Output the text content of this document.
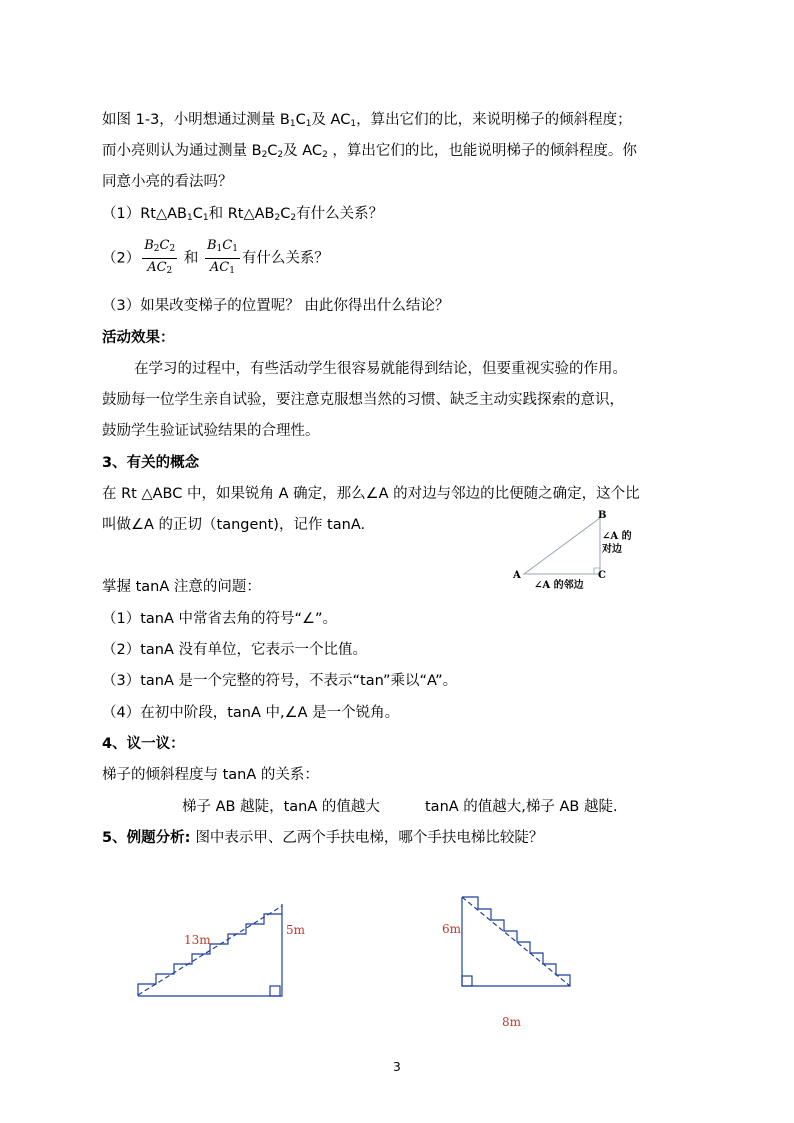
如图 1-3，小明想通过测量 $B_1C_1$及 $AC_1$，算出它们的比，来说明梯子的倾斜程度；
而小亮则认为通过测量 $B_2C_2$及 $AC_2$ ，算出它们的比，也能说明梯子的倾斜程度。你
同意小亮的看法吗？
$(1)Rt\triangle AB_1C_1$和 $Rt\triangle AB_2C_2$有什么关系？
$(2) \frac{B_2C_2}{AC_2}$ 和 $\frac{B_1C_1}{AC_1}$ 有什么关系？
（3）如果改变梯子的位置呢？ 由此你得出什么结论？
活动效果：
在学习的过程中，有些活动学生很容易就能得到结论，但要重视实验的作用。
鼓励每一位学生亲自试验，要注意克服想当然的习惯、缺乏主动实践探索的意识，
鼓励学生验证试验结果的合理性。
3、有关的概念
在 Rt △ABC 中，如果锐角 A 确定，那么∠A 的对边与邻边的比便随之确定，这个比
叫做∠A 的正切（tangent)，记作 tanA.
A
B
C
∠A 的
对边
∠A 的邻边
掌握 tanA 注意的问题：
（1）tanA 中常省去角的符号“∠”。
（2）tanA 没有单位，它表示一个比值。
（3）tanA 是一个完整的符号，不表示“tan”乘以“A”。
（4）在初中阶段，tanA 中,∠A 是一个锐角。
4、议一议：
梯子的倾斜程度与 tanA 的关系：
梯子 AB 越陡，tanA 的值越大	tanA 的值越大,梯子 AB 越陡.
5、例题分析: 图中表示甲、乙两个手扶电梯，哪个手扶电梯比较陡？
13m
5m	6m
8m
3
